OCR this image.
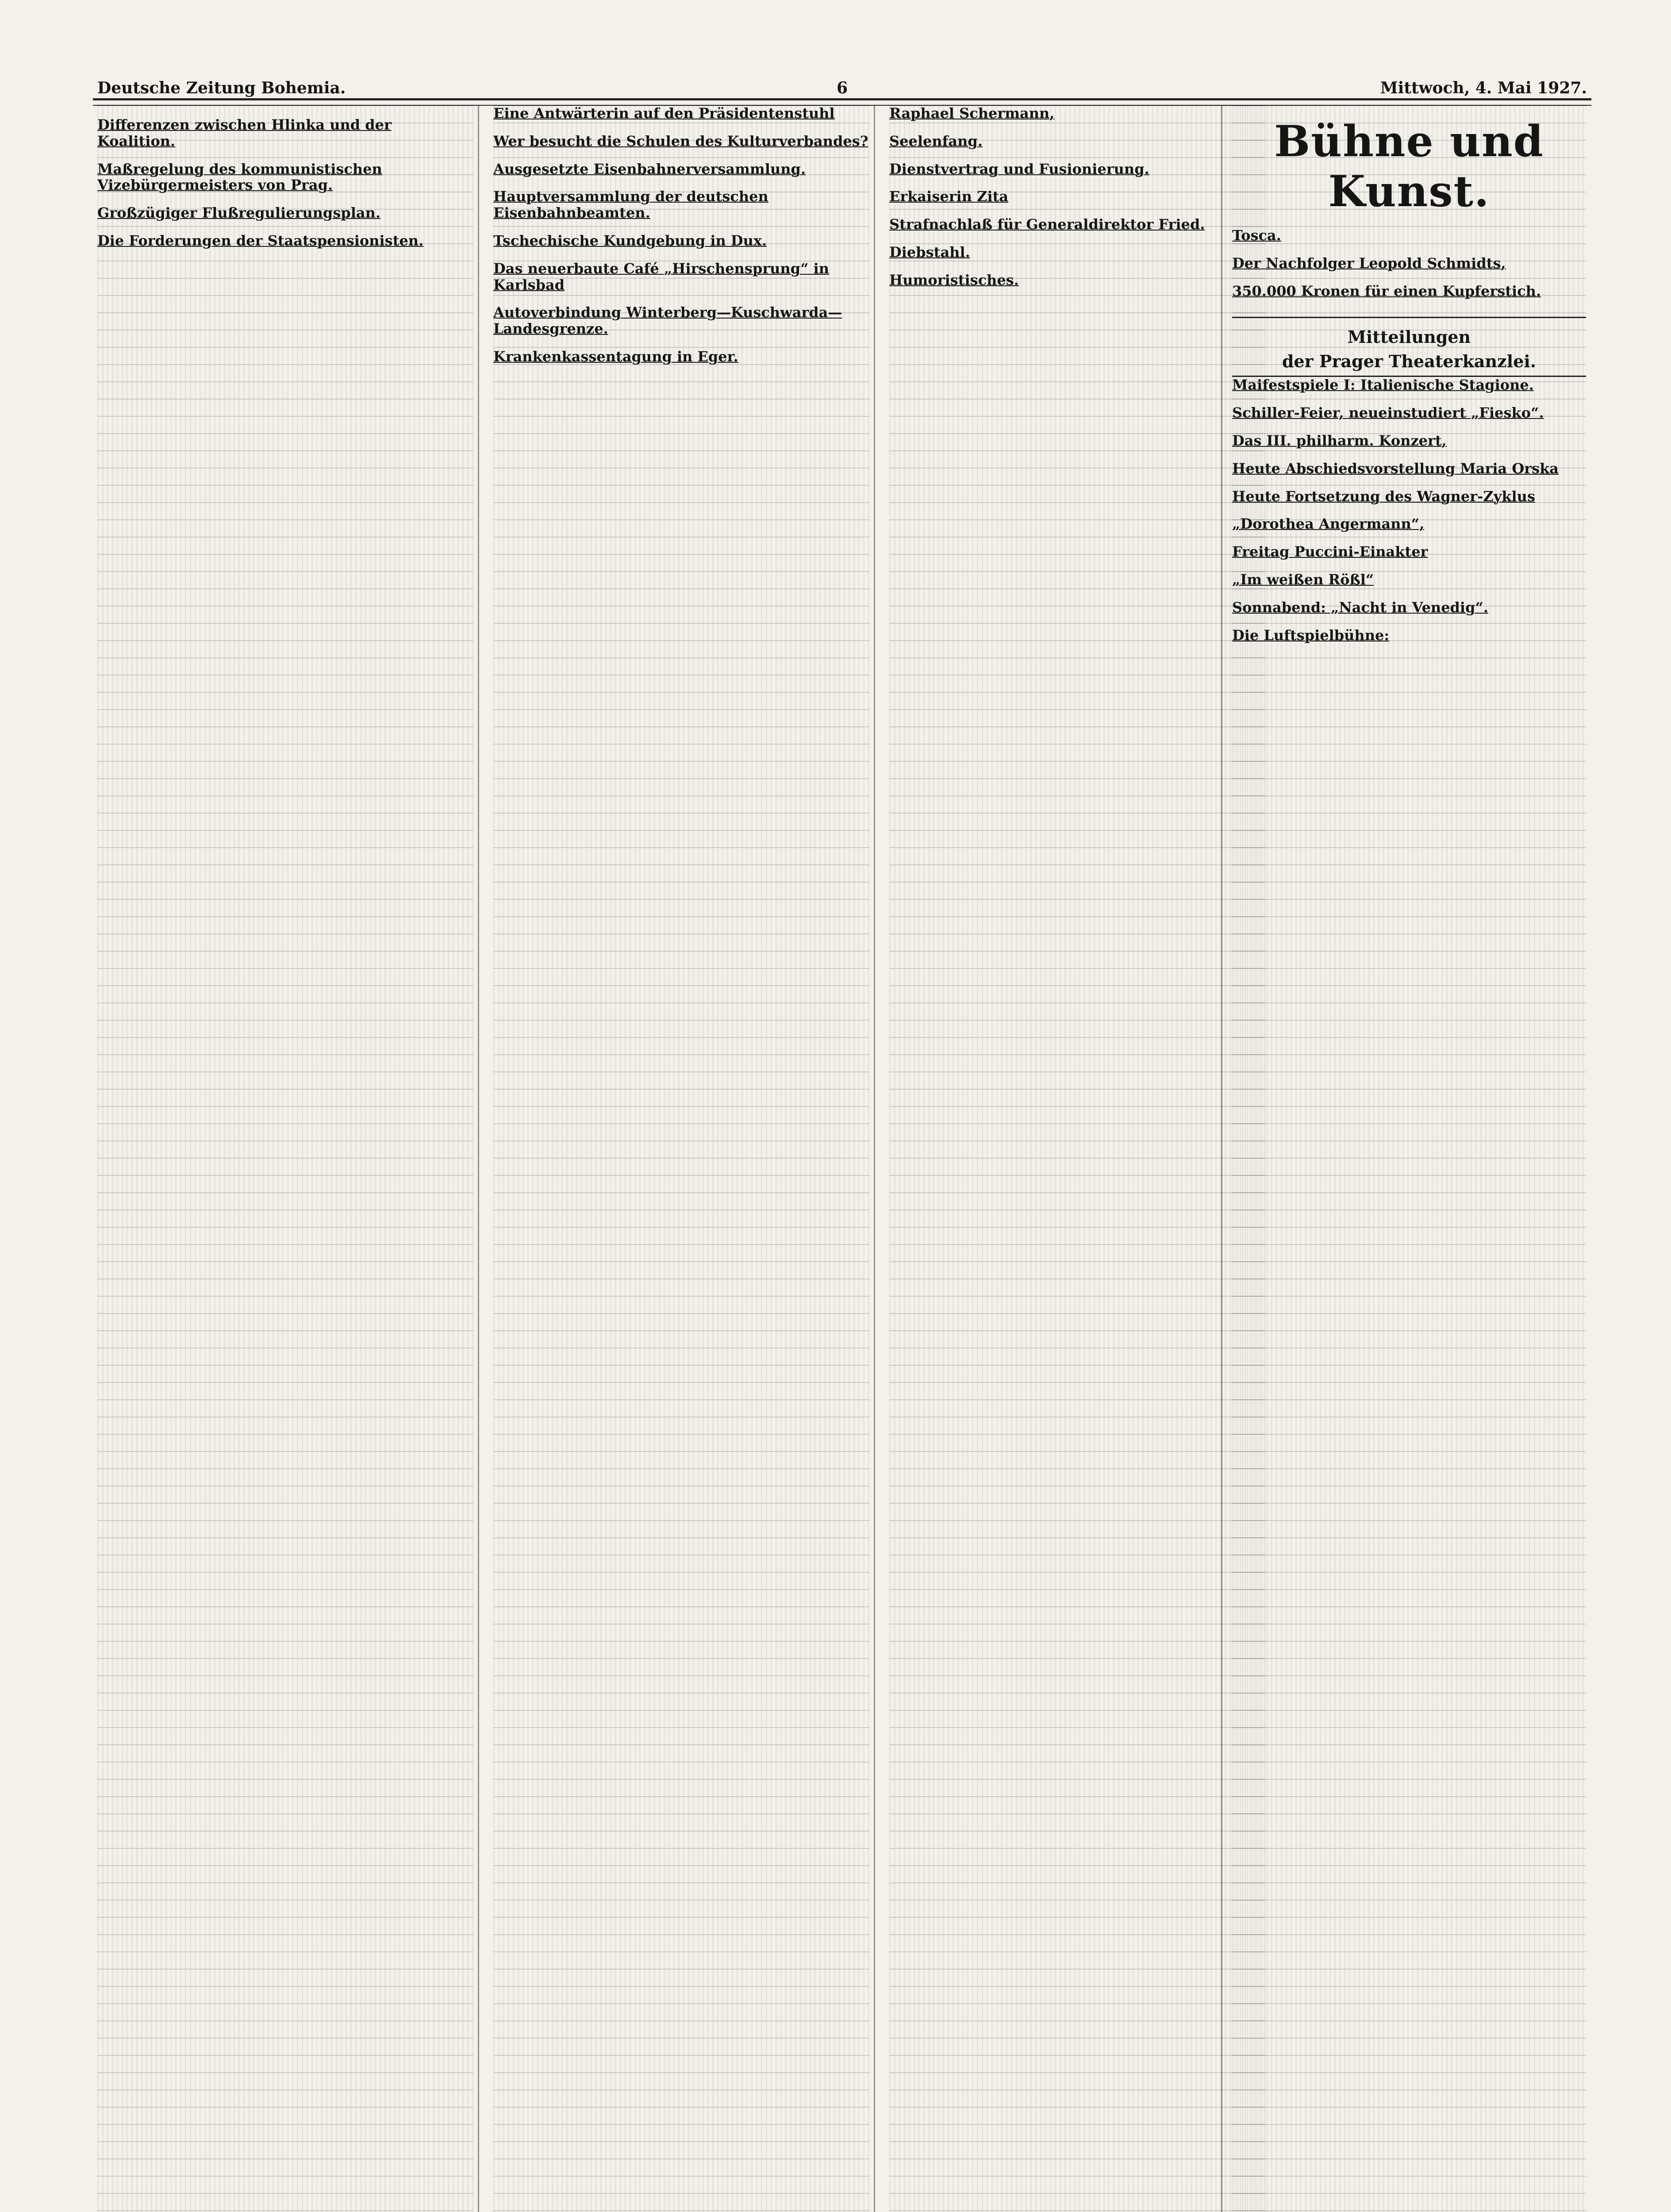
Deutsche Zeitung Bohemia.	6	Mittwoch, 4. Mai 1927.

Differenzen zwischen Hlinka und der Koalition.

Maßregelung des kommunistischen Vizebürgermeisters von Prag.

Großzügiger Flußregulierungsplan.

Die Forderungen der Staatspensionisten.

Eine Antwärterin auf den Präsidentenstuhl

Wer besucht die Schulen des Kulturverbandes?

Ausgesetzte Eisenbahnerversammlung.

Hauptversammlung der deutschen Eisenbahnbeamten.

Tschechische Kundgebung in Dux.

Das neuerbaute Café „Hirschensprung“ in Karlsbad

Autoverbindung Winterberg—Kuschwarda—Landesgrenze.

Krankenkassentagung in Eger.

Raphael Schermann,

Seelenfang.

Dienstvertrag und Fusionierung.

Erkaiserin Zita

Strafnachlaß für Generaldirektor Fried.

Diebstahl.

Humoristisches.

Bühne und Kunst.
Tosca.

Der Nachfolger Leopold Schmidts,

350.000 Kronen für einen Kupferstich.

Mitteilungen
der Prager Theaterkanzlei.
Maifestspiele I: Italienische Stagione.

Schiller-Feier, neueinstudiert „Fiesko“.

Das III. philharm. Konzert,

Heute Abschiedsvorstellung Maria Orska

Heute Fortsetzung des Wagner-Zyklus

„Dorothea Angermann“,

Freitag Puccini-Einakter

„Im weißen Rößl“

Sonnabend: „Nacht in Venedig“.

Die Luftspielbühne:
